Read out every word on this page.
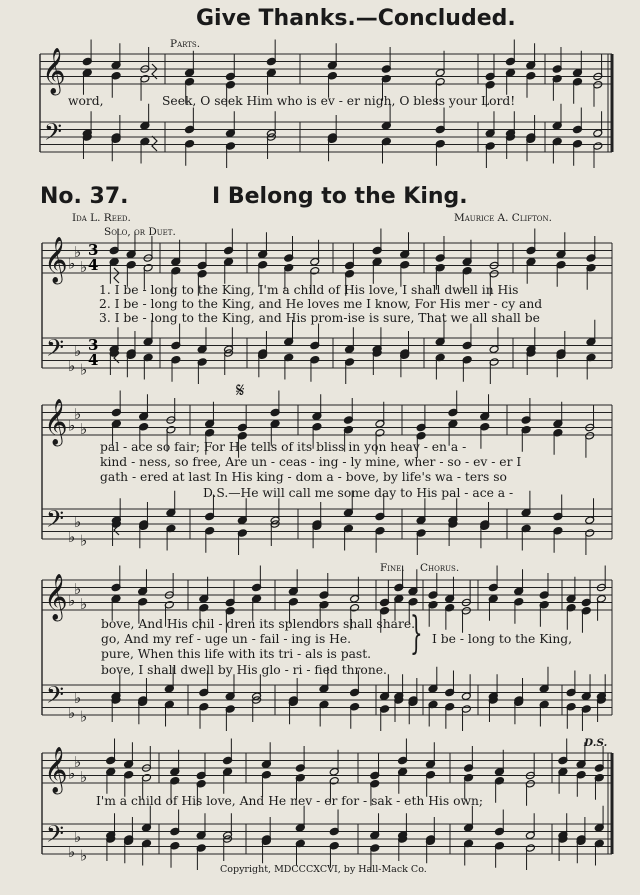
𝄞
𝄢
𝄞
𝄢
♭
♭
♭
♭
♭
♭
3
3
4
4
𝄞
𝄢
♭
♭
♭
♭
♭
♭
𝄞
𝄢
♭
♭
♭
♭
♭
♭
𝄞
𝄢
♭
♭
♭
♭
♭
♭
Give Thanks.—Concluded.
Parts.
word,	Seek, O seek Him who is ev - er nigh, O bless your Lord!
No. 37.	I Belong to the King.
Ida L. Reed.	Maurice A. Clifton.
Solo, or Duet.
1. I be - long to the King, I'm a child of His love, I shall dwell in His
2. I be - long to the King, and He loves me I know, For His mer - cy and
3. I be - long to the King, and His prom-ise is sure, That we all shall be
pal - ace so fair; For He tells of its bliss in yon heav - en a -
kind - ness, so free, Are un - ceas - ing - ly mine, wher - so - ev - er I
gath - ered at last In His king - dom a - bove, by life's wa - ters so
D.S.—He will call me some day to His pal - ace a -
Fine. Chorus.
bove, And His chil - dren its splendors shall share.
go, And my ref - uge un - fail - ing is He.
pure, When this life with its tri - als is past.
bove, I shall dwell by His glo - ri - fied throne.
} I be - long to the King,
D.S.
I'm a child of His love, And He nev - er for - sak - eth His own;
𝄋
Copyright, MDCCCXCVI, by Hall-Mack Co.
